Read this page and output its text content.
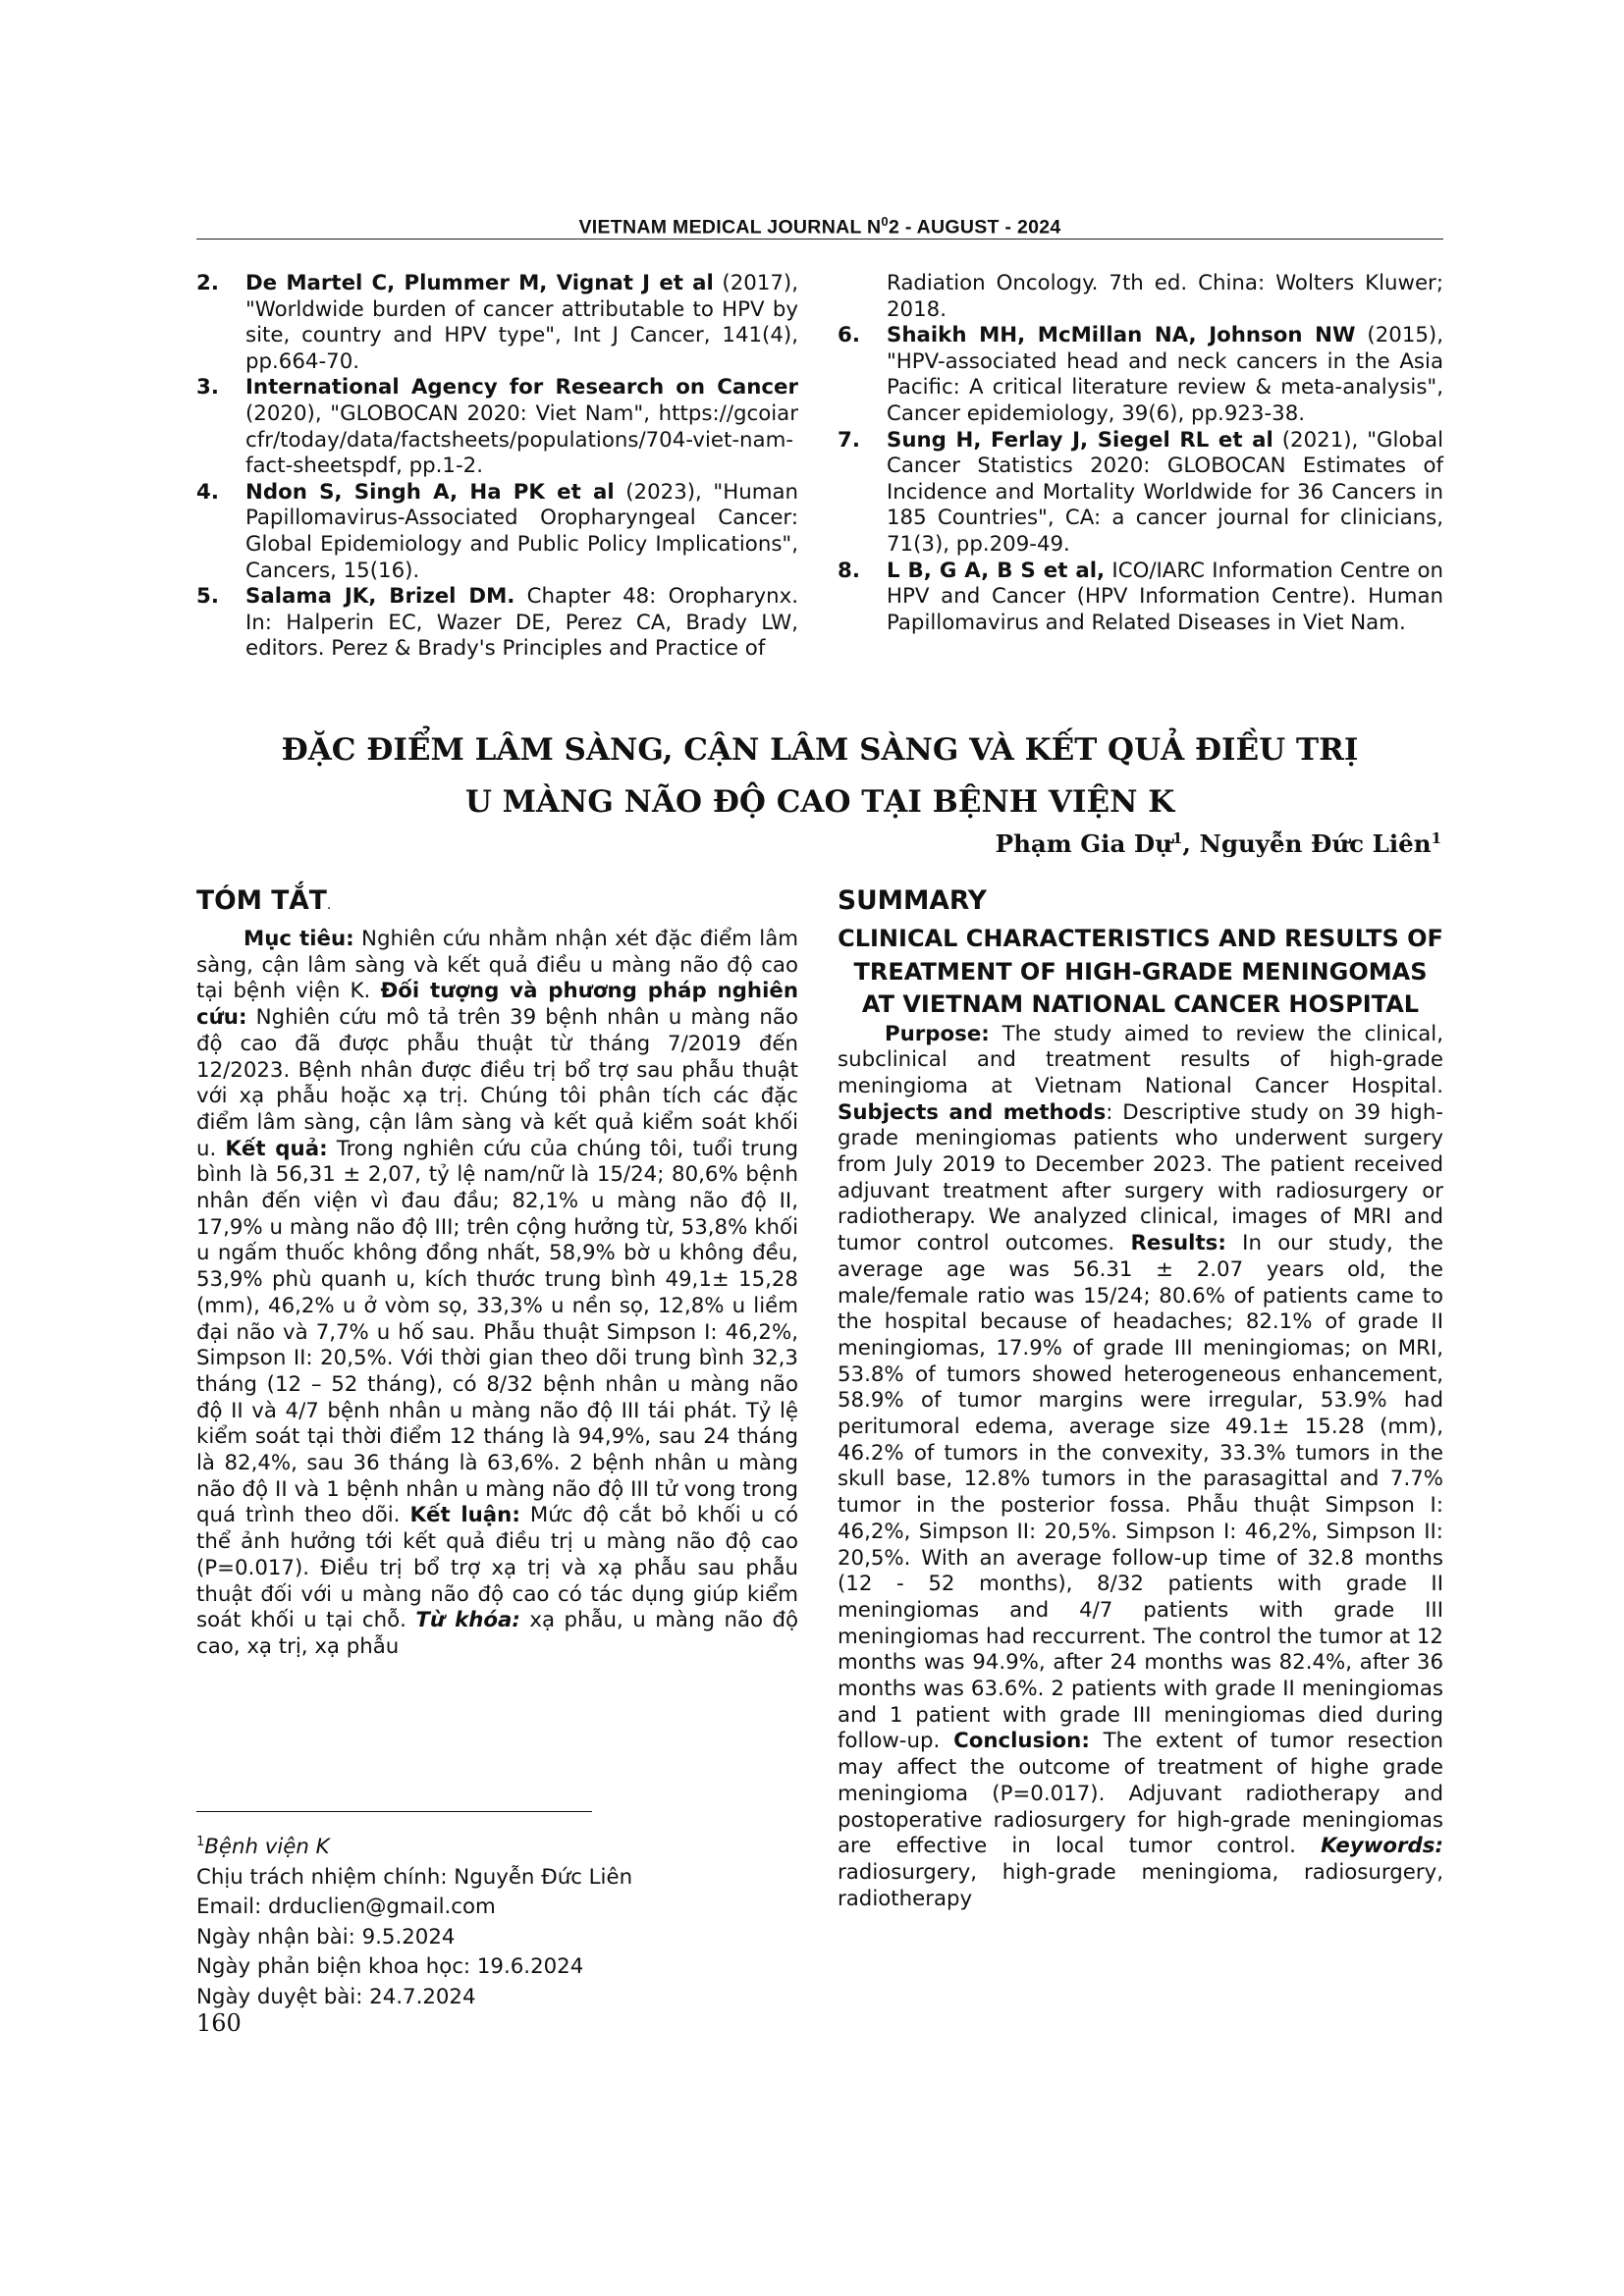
VIETNAM MEDICAL JOURNAL $N^02$ - AUGUST - 2024
2. De Martel C, Plummer M, Vignat J et al (2017), "Worldwide burden of cancer attributable to HPV by site, country and HPV type", Int J Cancer, 141(4), pp.664-70.
3. International Agency for Research on Cancer (2020), "GLOBOCAN 2020: Viet Nam", https://gcoiarcfr/today/data/factsheets/populations/704-viet-nam-fact-sheetspdf, pp.1-2.
4. Ndon S, Singh A, Ha PK et al (2023), "Human Papillomavirus-Associated Oropharyngeal Cancer: Global Epidemiology and Public Policy Implications", Cancers, 15(16).
5. Salama JK, Brizel DM. Chapter 48: Oropharynx. In: Halperin EC, Wazer DE, Perez CA, Brady LW, editors. Perez & Brady's Principles and Practice of
Radiation Oncology. 7th ed. China: Wolters Kluwer; 2018.
6. Shaikh MH, McMillan NA, Johnson NW (2015), "HPV-associated head and neck cancers in the Asia Pacific: A critical literature review & meta-analysis", Cancer epidemiology, 39(6), pp.923-38.
7. Sung H, Ferlay J, Siegel RL et al (2021), "Global Cancer Statistics 2020: GLOBOCAN Estimates of Incidence and Mortality Worldwide for 36 Cancers in 185 Countries", CA: a cancer journal for clinicians, 71(3), pp.209-49.
8. L B, G A, B S et al, ICO/IARC Information Centre on HPV and Cancer (HPV Information Centre). Human Papillomavirus and Related Diseases in Viet Nam.
ĐẶC ĐIỂM LÂM SÀNG, CẬN LÂM SÀNG VÀ KẾT QUẢ ĐIỀU TRỊ
U MÀNG NÃO ĐỘ CAO TẠI BỆNH VIỆN K
Phạm Gia Dự$^1$, Nguyễn Đức Liên$^1$
TÓM TẮT.

Mục tiêu: Nghiên cứu nhằm nhận xét đặc điểm lâm sàng, cận lâm sàng và kết quả điều u màng não độ cao tại bệnh viện K. Đối tượng và phương pháp nghiên cứu: Nghiên cứu mô tả trên 39 bệnh nhân u màng não độ cao đã được phẫu thuật từ tháng 7/2019 đến 12/2023. Bệnh nhân được điều trị bổ trợ sau phẫu thuật với xạ phẫu hoặc xạ trị. Chúng tôi phân tích các đặc điểm lâm sàng, cận lâm sàng và kết quả kiểm soát khối u. Kết quả: Trong nghiên cứu của chúng tôi, tuổi trung bình là 56,31 ± 2,07, tỷ lệ nam/nữ là 15/24; 80,6% bệnh nhân đến viện vì đau đầu; 82,1% u màng não độ II, 17,9% u màng não độ III; trên cộng hưởng từ, 53,8% khối u ngấm thuốc không đồng nhất, 58,9% bờ u không đều, 53,9% phù quanh u, kích thước trung bình 49,1± 15,28 (mm), 46,2% u ở vòm sọ, 33,3% u nền sọ, 12,8% u liềm đại não và 7,7% u hố sau. Phẫu thuật Simpson I: 46,2%, Simpson II: 20,5%. Với thời gian theo dõi trung bình 32,3 tháng (12 – 52 tháng), có 8/32 bệnh nhân u màng não độ II và 4/7 bệnh nhân u màng não độ III tái phát. Tỷ lệ kiểm soát tại thời điểm 12 tháng là 94,9%, sau 24 tháng là 82,4%, sau 36 tháng là 63,6%. 2 bệnh nhân u màng não độ II và 1 bệnh nhân u màng não độ III tử vong trong quá trình theo dõi. Kết luận: Mức độ cắt bỏ khối u có thể ảnh hưởng tới kết quả điều trị u màng não độ cao (P=0.017). Điều trị bổ trợ xạ trị và xạ phẫu sau phẫu thuật đối với u màng não độ cao có tác dụng giúp kiểm soát khối u tại chỗ. Từ khóa: xạ phẫu, u màng não độ cao, xạ trị, xạ phẫu

$^1$Bệnh viện K
Chịu trách nhiệm chính: Nguyễn Đức Liên
Email: drduclien@gmail.com
Ngày nhận bài: 9.5.2024
Ngày phản biện khoa học: 19.6.2024
Ngày duyệt bài: 24.7.2024
SUMMARY
CLINICAL CHARACTERISTICS AND RESULTS OF TREATMENT OF HIGH-GRADE MENINGOMAS AT VIETNAM NATIONAL CANCER HOSPITAL

Purpose: The study aimed to review the clinical, subclinical and treatment results of high-grade meningioma at Vietnam National Cancer Hospital. Subjects and methods: Descriptive study on 39 high-grade meningiomas patients who underwent surgery from July 2019 to December 2023. The patient received adjuvant treatment after surgery with radiosurgery or radiotherapy. We analyzed clinical, images of MRI and tumor control outcomes. Results: In our study, the average age was 56.31 ± 2.07 years old, the male/female ratio was 15/24; 80.6% of patients came to the hospital because of headaches; 82.1% of grade II meningiomas, 17.9% of grade III meningiomas; on MRI, 53.8% of tumors showed heterogeneous enhancement, 58.9% of tumor margins were irregular, 53.9% had peritumoral edema, average size 49.1± 15.28 (mm), 46.2% of tumors in the convexity, 33.3% tumors in the skull base, 12.8% tumors in the parasagittal and 7.7% tumor in the posterior fossa. Phẫu thuật Simpson I: 46,2%, Simpson II: 20,5%. Simpson I: 46,2%, Simpson II: 20,5%. With an average follow-up time of 32.8 months (12 - 52 months), 8/32 patients with grade II meningiomas and 4/7 patients with grade III meningiomas had reccurrent. The control the tumor at 12 months was 94.9%, after 24 months was 82.4%, after 36 months was 63.6%. 2 patients with grade II meningiomas and 1 patient with grade III meningiomas died during follow-up. Conclusion: The extent of tumor resection may affect the outcome of treatment of highe grade meningioma (P=0.017). Adjuvant radiotherapy and postoperative radiosurgery for high-grade meningiomas are effective in local tumor control. Keywords: radiosurgery, high-grade meningioma, radiosurgery, radiotherapy

160
